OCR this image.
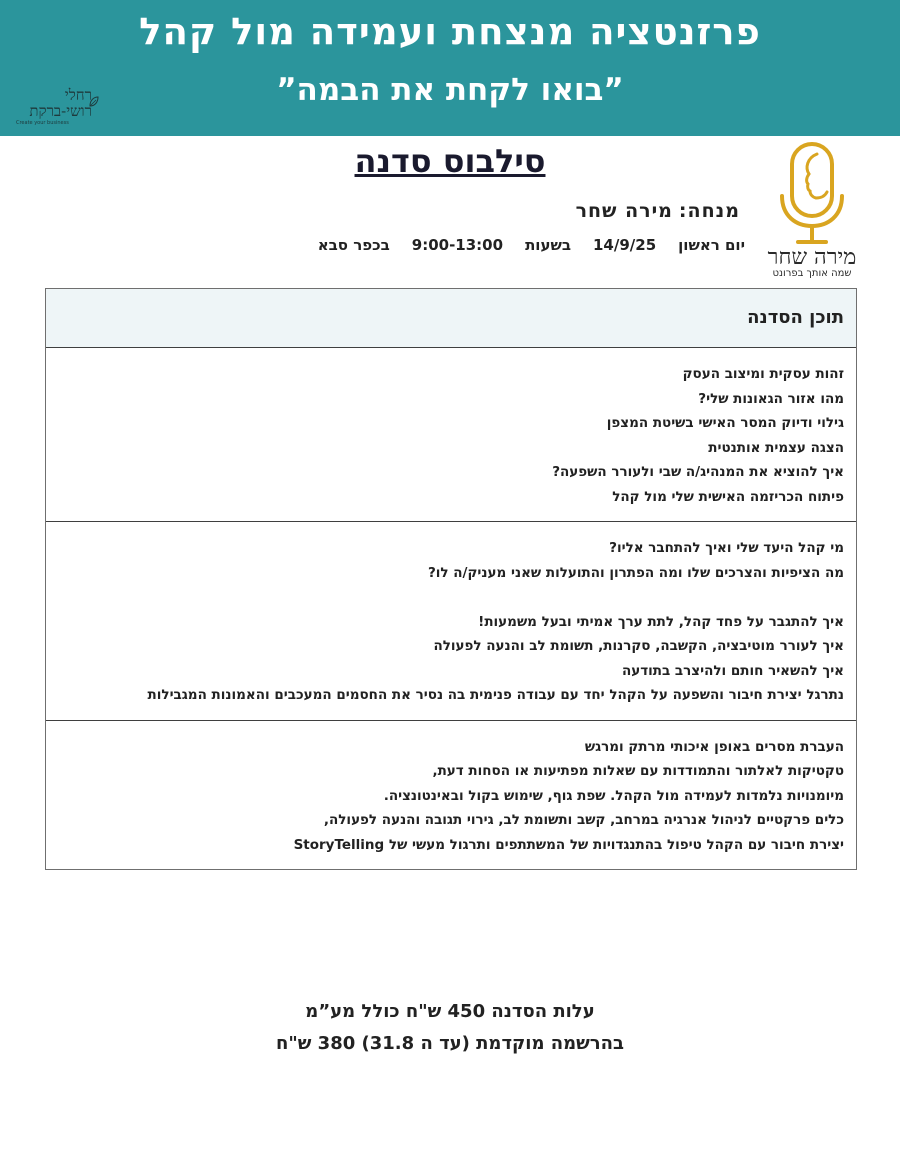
פרזנטציה מנצחת ועמידה מול קהל
”בואו לקחת את הבמה”
רחלי
רושי-ברקת
Create your business
מירה שחר
שמה אותך בפרונט
סילבוס סדנה
מנחה:מירה שחר
יום ראשון14/9/25בשעות9:00-13:00בכפר סבא
תוכן הסדנה
זהות עסקית ומיצוב העסק
מהו אזור הגאונות שלי?
גילוי ודיוק המסר האישי בשיטת המצפן
הצגה עצמית אותנטית
איך להוציא את המנהיג/ה שבי ולעורר השפעה?
פיתוח הכריזמה האישית שלי מול קהל
מי קהל היעד שלי ואיך להתחבר אליו?
מה הציפיות והצרכים שלו ומה הפתרון והתועלות שאני מעניק/ה לו?
איך להתגבר על פחד קהל, לתת ערך אמיתי ובעל משמעות!
איך לעורר מוטיבציה, הקשבה, סקרנות, תשומת לב והנעה לפעולה
איך להשאיר חותם ולהיצרב בתודעה
נתרגל יצירת חיבור והשפעה על הקהל יחד עם עבודה פנימית בה נסיר את החסמים המעכבים והאמונות המגבילות
העברת מסרים באופן איכותי מרתק ומרגש
טקטיקות לאלתור והתמודדות עם שאלות מפתיעות או הסחות דעת,
מיומנויות נלמדות לעמידה מול הקהל. שפת גוף, שימוש בקול ובאינטונציה.
כלים פרקטיים לניהול אנרגיה במרחב, קשב ותשומת לב, גירוי תגובה והנעה לפעולה,
יצירת חיבור עם הקהל טיפול בהתנגדויות של המשתתפים ותרגול מעשי של StoryTelling
עלות הסדנה 450 ש"ח כולל מע”מ
בהרשמה מוקדמת (עד ה 31.8) 380 ש"ח
